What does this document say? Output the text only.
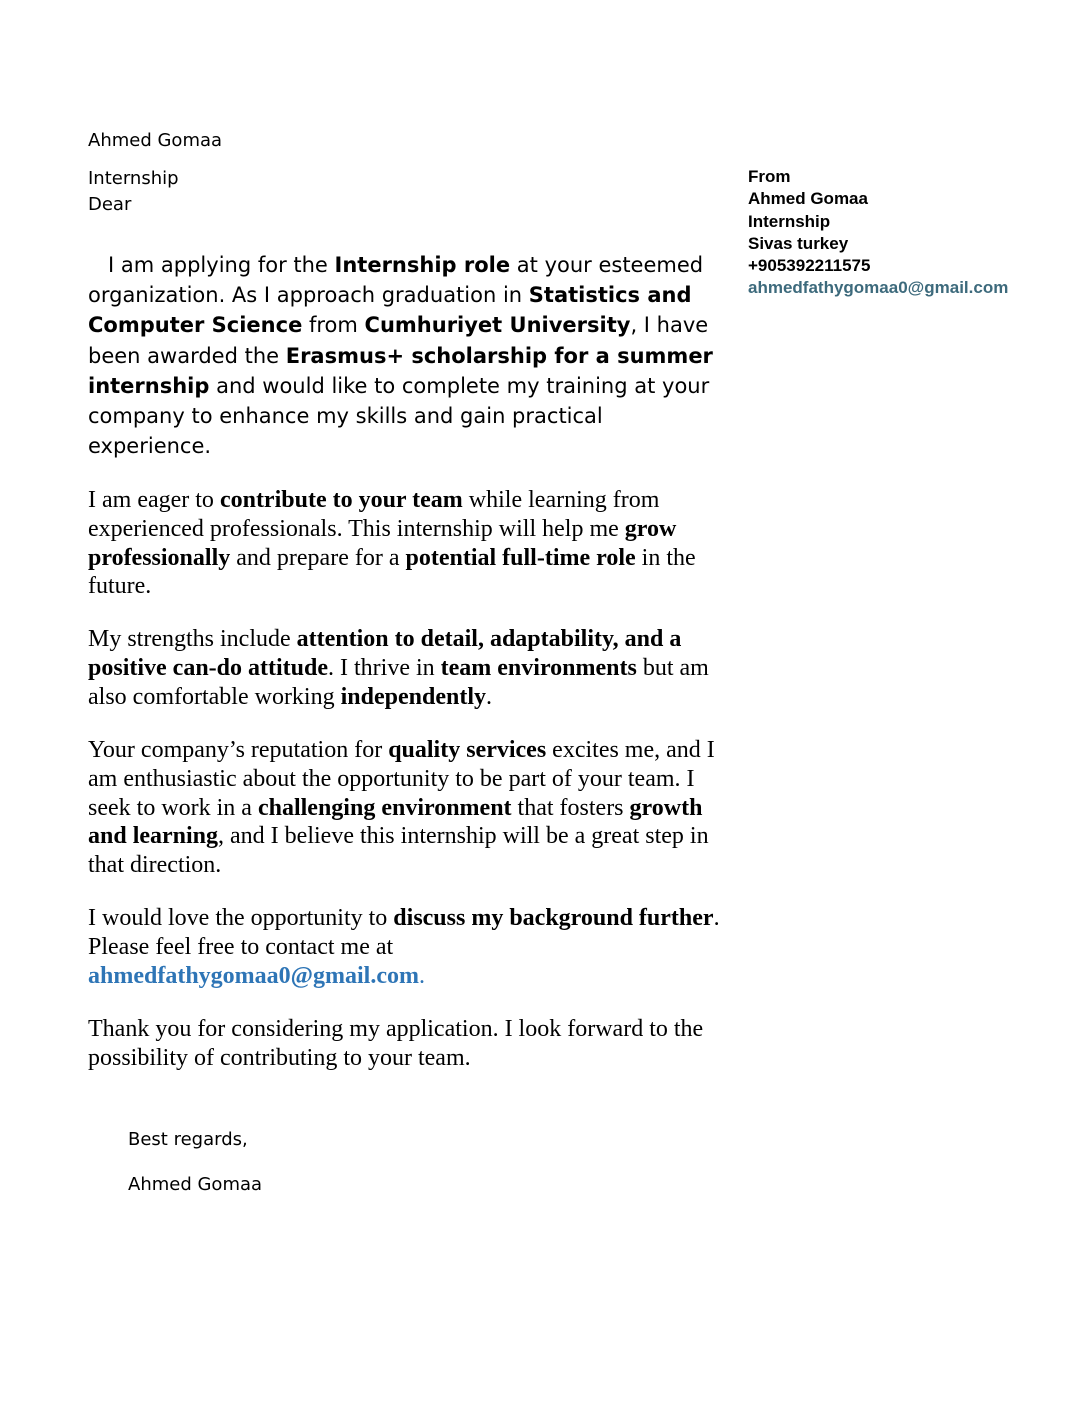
Ahmed Gomaa
Internship
Dear
From
Ahmed Gomaa
Internship
Sivas turkey
+905392211575
ahmedfathygomaa0@gmail.com

I am applying for the Internship role at your esteemed organization. As I approach graduation in Statistics and Computer Science from Cumhuriyet University, I have been awarded the Erasmus+ scholarship for a summer internship and would like to complete my training at your company to enhance my skills and gain practical experience.

I am eager to contribute to your team while learning from experienced professionals. This internship will help me grow professionally and prepare for a potential full-time role in the future.

My strengths include attention to detail, adaptability, and a positive can-do attitude. I thrive in team environments but am also comfortable working independently.

Your company’s reputation for quality services excites me, and I am enthusiastic about the opportunity to be part of your team. I seek to work in a challenging environment that fosters growth and learning, and I believe this internship will be a great step in that direction.

I would love the opportunity to discuss my background further. Please feel free to contact me at ahmedfathygomaa0@gmail.com.

Thank you for considering my application. I look forward to the possibility of contributing to your team.

Best regards,
Ahmed Gomaa
